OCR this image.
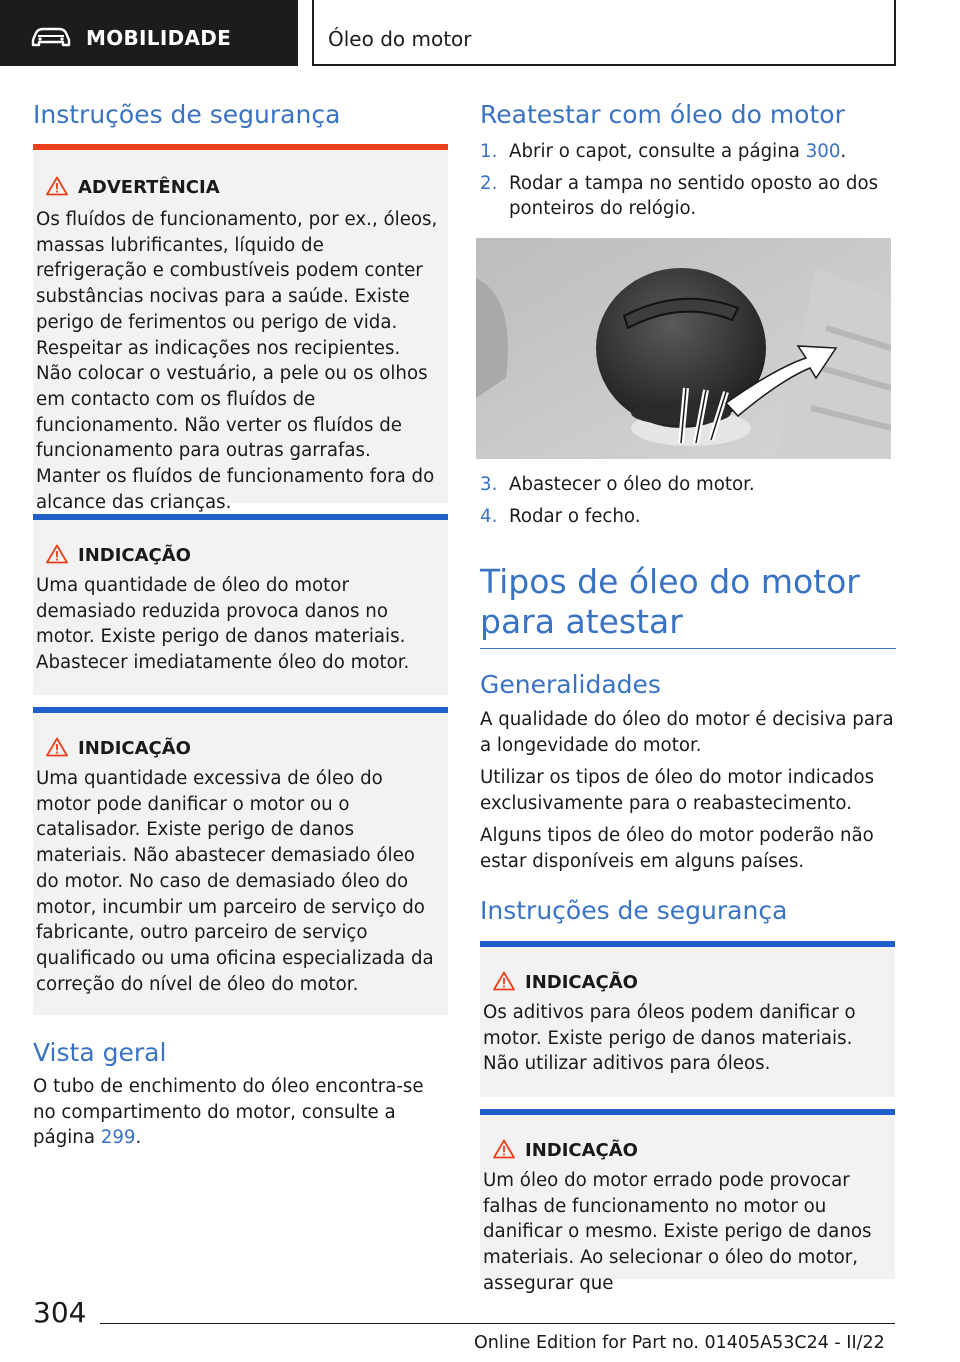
MOBILIDADE	Óleo do motor
Instruções de segurança
ADVERTÊNCIA
Os fluídos de funcionamento, por ex., óleos, massas lubrificantes, líquido de refrigeração e combustíveis podem conter substâncias nocivas para a saúde. Existe perigo de ferimentos ou perigo de vida. Respeitar as indicações nos recipientes. Não colocar o vestuário, a pele ou os olhos em contacto com os fluídos de funcionamento. Não verter os fluídos de funcionamento para outras garrafas. Manter os fluídos de funcionamento fora do alcance das crianças.
INDICAÇÃO
Uma quantidade de óleo do motor demasiado reduzida provoca danos no motor. Existe perigo de danos materiais. Abastecer imediatamente óleo do motor.
INDICAÇÃO
Uma quantidade excessiva de óleo do motor pode danificar o motor ou o catalisador. Existe perigo de danos materiais. Não abastecer demasiado óleo do motor. No caso de demasiado óleo do motor, incumbir um parceiro de serviço do fabricante, outro parceiro de serviço qualificado ou uma oficina especializada da correção do nível de óleo do motor.
Vista geral

O tubo de enchimento do óleo encontra-se no compartimento do motor, consulte a página 299.

Reatestar com óleo do motor
1. Abrir o capot, consulte a página 300.
2. Rodar a tampa no sentido oposto ao dos ponteiros do relógio.
3. Abastecer o óleo do motor.
4. Rodar o fecho.
Tipos de óleo do motor para atestar
Generalidades

A qualidade do óleo do motor é decisiva para a longevidade do motor.

Utilizar os tipos de óleo do motor indicados exclusivamente para o reabastecimento.

Alguns tipos de óleo do motor poderão não estar disponíveis em alguns países.

Instruções de segurança
INDICAÇÃO
Os aditivos para óleos podem danificar o motor. Existe perigo de danos materiais. Não utilizar aditivos para óleos.
INDICAÇÃO
Um óleo do motor errado pode provocar falhas de funcionamento no motor ou danificar o mesmo. Existe perigo de danos materiais. Ao selecionar o óleo do motor, assegurar que
304
Online Edition for Part no. 01405A53C24 - II/22
